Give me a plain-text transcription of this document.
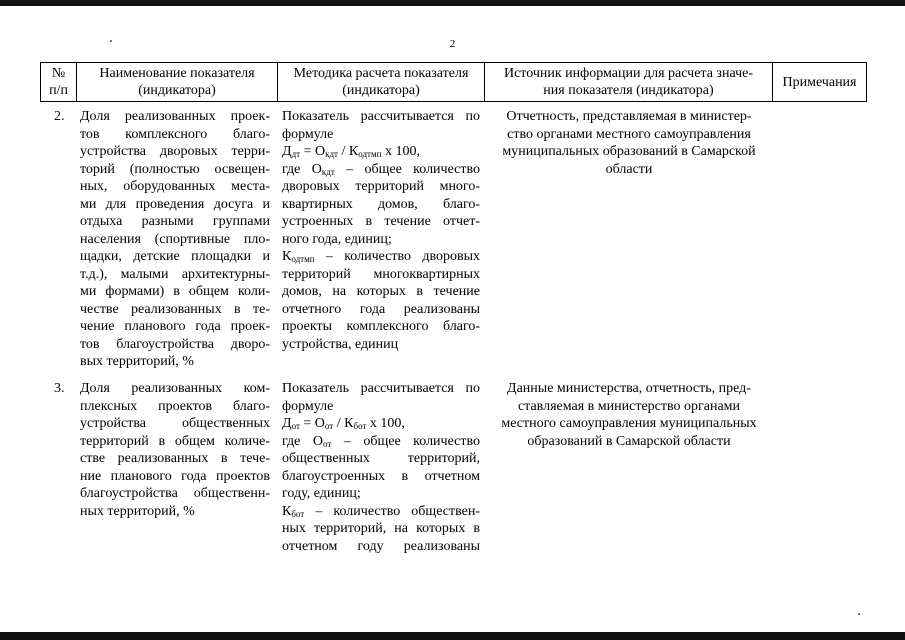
2
№
п/п
Наименование показателя
(индикатора)
Методика расчета показателя
(индикатора)
Источник информации для расчета значе-
ния показателя (индикатора)
Примечания
2. Доля реализованных проек-
тов комплексного благо-
устройства дворовых терри-
торий (полностью освещен-
ных, оборудованных места-
ми для проведения досуга и
отдыха разными группами
населения (спортивные пло-
щадки, детские площадки и
т.д.), малыми архитектурны-
ми формами) в общем коли-
честве реализованных в те-
чение планового года проек-
тов благоустройства дворо-
вых территорий, %
Показатель рассчитывается по
формуле
$Д_{дт} = О_{кдт} / К_{одтмп}$ x 100,
где $О_{кдт}$ – общее количество
дворовых территорий много-
квартирных домов, благо-
устроенных в течение отчет-
ного года, единиц;
$К_{одтмп}$ – количество дворовых
территорий многоквартирных
домов, на которых в течение
отчетного года реализованы
проекты комплексного благо-
устройства, единиц
Отчетность, представляемая в министер-
ство органами местного самоуправления
муниципальных образований в Самарской
области
3. Доля реализованных ком-
плексных проектов благо-
устройства общественных
территорий в общем количе-
стве реализованных в тече-
ние планового года проектов
благоустройства общественн-
ных территорий, %
Показатель рассчитывается по
формуле
$Д_{от} = О_{от} / К_{бот}$ x 100,
где $О_{от}$ – общее количество
общественных территорий,
благоустроенных в отчетном
году, единиц;
$К_{бот}$ – количество обществен-
ных территорий, на которых в
отчетном году реализованы
Данные министерства, отчетность, пред-
ставляемая в министерство органами
местного самоуправления муниципальных
образований в Самарской области
